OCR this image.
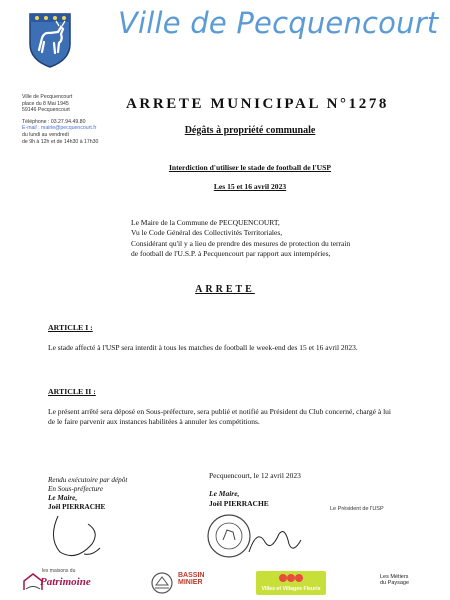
Ville de Pecquencourt
Ville de Pecquencourt
place du 8 Mai 1945
59146 Pecquencourt
Téléphone : 03.27.94.49.80
E-mail : mairie@pecquencourt.fr
du lundi au vendredi
de 9h à 12h et de 14h30 à 17h30
ARRETE MUNICIPAL N°1278
Dégâts à propriété communale
Interdiction d'utiliser le stade de football de l'USP
Les 15 et 16 avril 2023
Le Maire de la Commune de PECQUENCOURT,
Vu le Code Général des Collectivités Territoriales,
Considérant qu'il y a lieu de prendre des mesures de protection du terrain
de football de l'U.S.P. à Pecquencourt par rapport aux intempéries,
ARRETE
ARTICLE I :
Le stade affecté à l'USP sera interdit à tous les matches de football le week-end des 15 et 16 avril 2023.
ARTICLE II :
Le présent arrêté sera déposé en Sous-préfecture, sera publié et notifié au Président du Club concerné, chargé à lui de le faire parvenir aux instances habilitées à annuler les compétitions.
Rendu exécutoire par dépôt
En Sous-préfecture
Le Maire,
Joël PIERRACHE
Pecquencourt, le 12 avril 2023
Le Maire,
Joël PIERRACHE
Le Président de l'USP
les maisons du
Patrimoine
BASSIN
MINIER
Villes et Villages Fleuris
Les Métiers
du Paysage
